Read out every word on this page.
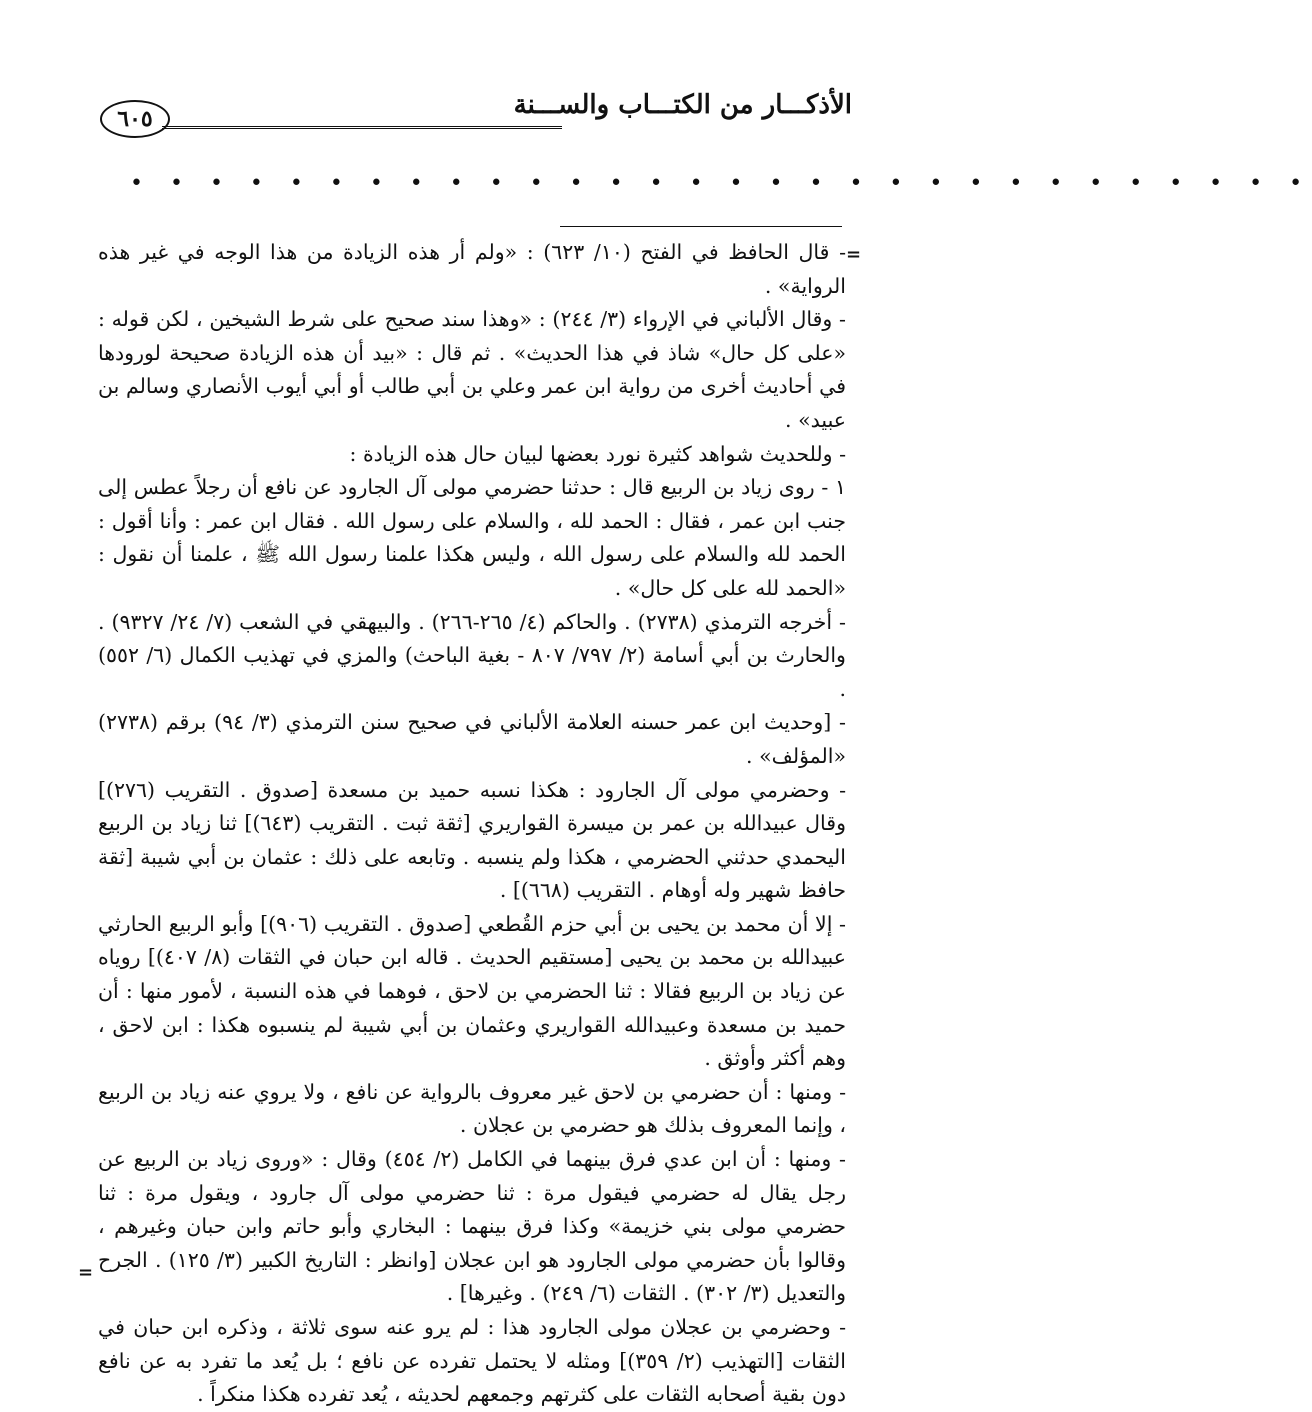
٦٠٥	الأذكـــار من الكتـــاب والســـنة
• • • • • • • • • • • • • • • • • • • • • • • • • • • • • •
=
=

- قال الحافظ في الفتح (١٠/ ٦٢٣) : «ولم أر هذه الزيادة من هذا الوجه في غير هذه الرواية» .

- وقال الألباني في الإرواء (٣/ ٢٤٤) : «وهذا سند صحيح على شرط الشيخين ، لكن قوله : «على كل حال» شاذ في هذا الحديث» . ثم قال : «بيد أن هذه الزيادة صحيحة لورودها في أحاديث أخرى من رواية ابن عمر وعلي بن أبي طالب أو أبي أيوب الأنصاري وسالم بن عبيد» .

- وللحديث شواهد كثيرة نورد بعضها لبيان حال هذه الزيادة :

١ - روى زياد بن الربيع قال : حدثنا حضرمي مولى آل الجارود عن نافع أن رجلاً عطس إلى جنب ابن عمر ، فقال : الحمد لله ، والسلام على رسول الله . فقال ابن عمر : وأنا أقول : الحمد لله والسلام على رسول الله ، وليس هكذا علمنا رسول الله ﷺ ، علمنا أن نقول : «الحمد لله على كل حال» .

- أخرجه الترمذي (٢٧٣٨) . والحاكم (٤/ ٢٦٥-٢٦٦) . والبيهقي في الشعب (٧/ ٢٤/ ٩٣٢٧) . والحارث بن أبي أسامة (٢/ ٧٩٧/ ٨٠٧ - بغية الباحث) والمزي في تهذيب الكمال (٦/ ٥٥٢) .

- [وحديث ابن عمر حسنه العلامة الألباني في صحيح سنن الترمذي (٣/ ٩٤) برقم (٢٧٣٨) «المؤلف» .

- وحضرمي مولى آل الجارود : هكذا نسبه حميد بن مسعدة [صدوق . التقريب (٢٧٦)] وقال عبيدالله بن عمر بن ميسرة القواريري [ثقة ثبت . التقريب (٦٤٣)] ثنا زياد بن الربيع اليحمدي حدثني الحضرمي ، هكذا ولم ينسبه . وتابعه على ذلك : عثمان بن أبي شيبة [ثقة حافظ شهير وله أوهام . التقريب (٦٦٨)] .

- إلا أن محمد بن يحيى بن أبي حزم القُطعي [صدوق . التقريب (٩٠٦)] وأبو الربيع الحارثي عبيدالله بن محمد بن يحيى [مستقيم الحديث . قاله ابن حبان في الثقات (٨/ ٤٠٧)] روياه عن زياد بن الربيع فقالا : ثنا الحضرمي بن لاحق ، فوهما في هذه النسبة ، لأمور منها : أن حميد بن مسعدة وعبيدالله القواريري وعثمان بن أبي شيبة لم ينسبوه هكذا : ابن لاحق ، وهم أكثر وأوثق .

- ومنها : أن حضرمي بن لاحق غير معروف بالرواية عن نافع ، ولا يروي عنه زياد بن الربيع ، وإنما المعروف بذلك هو حضرمي بن عجلان .

- ومنها : أن ابن عدي فرق بينهما في الكامل (٢/ ٤٥٤) وقال : «وروى زياد بن الربيع عن رجل يقال له حضرمي فيقول مرة : ثنا حضرمي مولى آل جارود ، ويقول مرة : ثنا حضرمي مولى بني خزيمة» وكذا فرق بينهما : البخاري وأبو حاتم وابن حبان وغيرهم ، وقالوا بأن حضرمي مولى الجارود هو ابن عجلان [وانظر : التاريخ الكبير (٣/ ١٢٥) . الجرح والتعديل (٣/ ٣٠٢) . الثقات (٦/ ٢٤٩) . وغيرها] .

- وحضرمي بن عجلان مولى الجارود هذا : لم يرو عنه سوى ثلاثة ، وذكره ابن حبان في الثقات [التهذيب (٢/ ٣٥٩)] ومثله لا يحتمل تفرده عن نافع ؛ بل يُعد ما تفرد به عن نافع دون بقية أصحابه الثقات على كثرتهم وجمعهم لحديثه ، يُعد تفرده هكذا منكراً .
